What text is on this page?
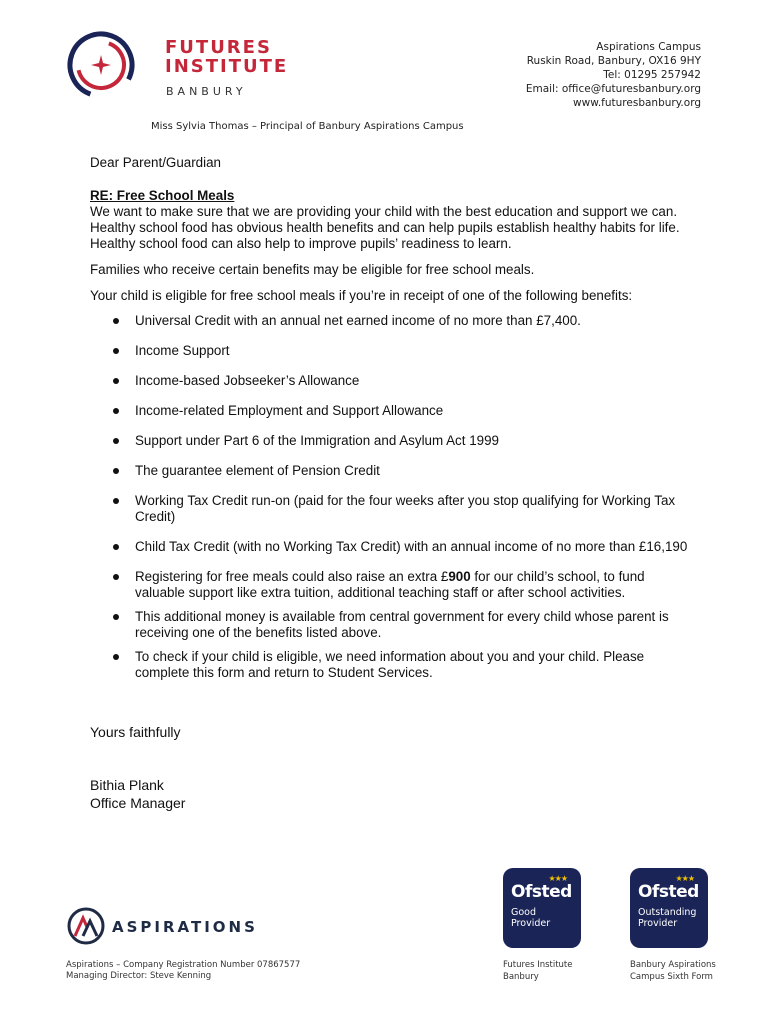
FUTURES
INSTITUTE
BANBURY
Aspirations Campus
Ruskin Road, Banbury, OX16 9HY
Tel: 01295 257942
Email: office@futuresbanbury.org
www.futuresbanbury.org
Miss Sylvia Thomas – Principal of Banbury Aspirations Campus

Dear Parent/Guardian

RE: Free School Meals

We want to make sure that we are providing your child with the best education and support we can. Healthy school food has obvious health benefits and can help pupils establish healthy habits for life. Healthy school food can also help to improve pupils’ readiness to learn.

Families who receive certain benefits may be eligible for free school meals.

Your child is eligible for free school meals if you’re in receipt of one of the following benefits:

Universal Credit with an annual net earned income of no more than £7,400.
Income Support
Income-based Jobseeker’s Allowance
Income-related Employment and Support Allowance
Support under Part 6 of the Immigration and Asylum Act 1999
The guarantee element of Pension Credit
Working Tax Credit run-on (paid for the four weeks after you stop qualifying for Working Tax Credit)
Child Tax Credit (with no Working Tax Credit) with an annual income of no more than £16,190
Registering for free meals could also raise an extra £900 for our child’s school, to fund valuable support like extra tuition, additional teaching staff or after school activities.
This additional money is available from central government for every child whose parent is receiving one of the benefits listed above.
To check if your child is eligible, we need information about you and your child. Please complete this form and return to Student Services.
Yours faithfully
Bithia Plank
Office Manager
ASPIRATIONS
Aspirations – Company Registration Number 07867577
Managing Director: Steve Kenning
★★★
Ofsted
Good
Provider
Futures Institute
Banbury
★★★
Ofsted
Outstanding
Provider
Banbury Aspirations
Campus Sixth Form
